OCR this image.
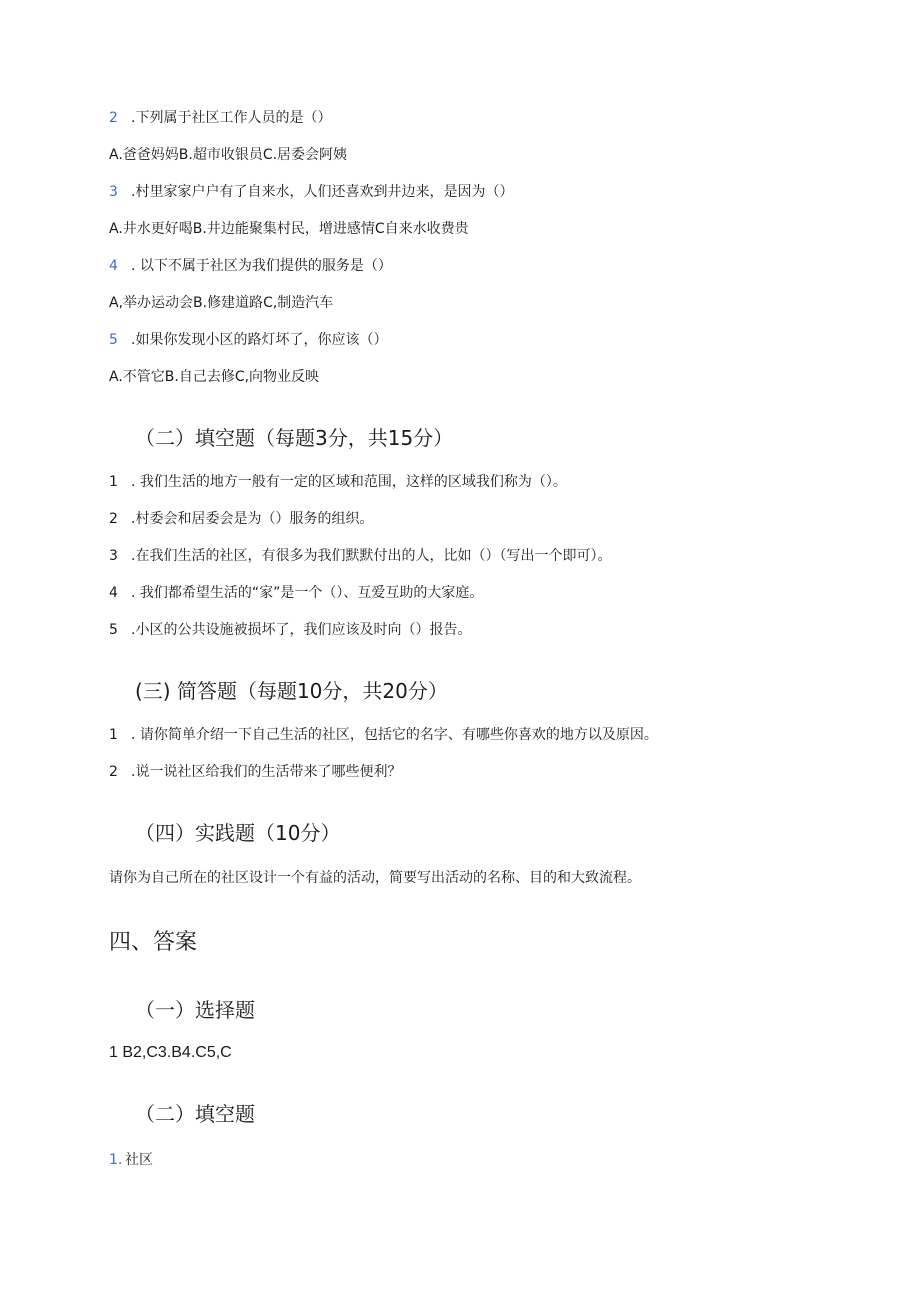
2 .下列属于社区工作人员的是（）
A.爸爸妈妈B.超市收银员C.居委会阿姨
3 .村里家家户户有了自来水，人们还喜欢到井边来，是因为（）
A.井水更好喝B.井边能聚集村民，增进感情C自来水收费贵
4 . 以下不属于社区为我们提供的服务是（）
A,举办运动会B.修建道路C,制造汽车
5 .如果你发现小区的路灯坏了，你应该（）
A.不管它B.自己去修C,向物业反映
（二）填空题（每题3分，共15分）
1 . 我们生活的地方一般有一定的区域和范围，这样的区域我们称为（）。
2 .村委会和居委会是为（）服务的组织。
3 .在我们生活的社区，有很多为我们默默付出的人，比如（）（写出一个即可）。
4 . 我们都希望生活的“家”是一个（）、互爱互助的大家庭。
5 .小区的公共设施被损坏了，我们应该及时向（）报告。
(三) 简答题（每题10分，共20分）
1 . 请你简单介绍一下自己生活的社区，包括它的名字、有哪些你喜欢的地方以及原因。
2 .说一说社区给我们的生活带来了哪些便利？
（四）实践题（10分）
请你为自己所在的社区设计一个有益的活动，简要写出活动的名称、目的和大致流程。
四、答案
（一）选择题
1 B2,C3.B4.C5,C
（二）填空题
1. 社区
